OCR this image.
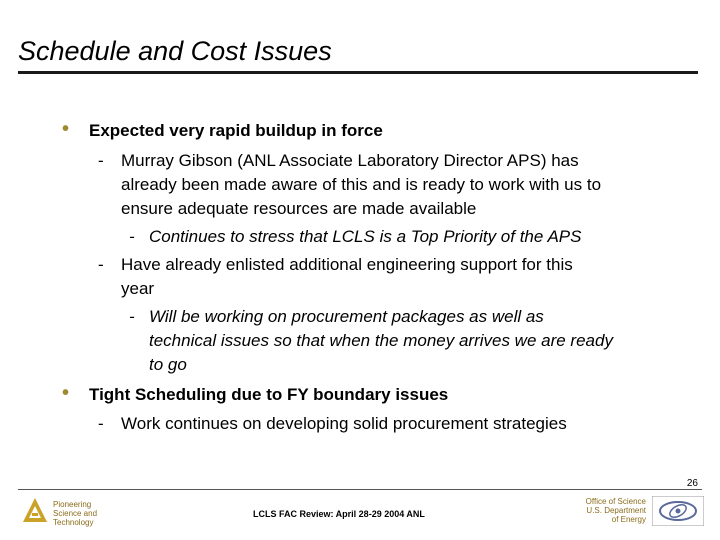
Schedule and Cost Issues
• Expected very rapid buildup in force
- Murray Gibson (ANL Associate Laboratory Director APS) has
already been made aware of this and is ready to work with us to
ensure adequate resources are made available
- Continues to stress that LCLS is a Top Priority of the APS
- Have already enlisted additional engineering support for this
year
- Will be working on procurement packages as well as
technical issues so that when the money arrives we are ready
to go
• Tight Scheduling due to FY boundary issues
- Work continues on developing solid procurement strategies
26
Pioneering
Science and
Technology
LCLS FAC Review: April 28-29 2004 ANL
Office of Science
U.S. Department
of Energy
